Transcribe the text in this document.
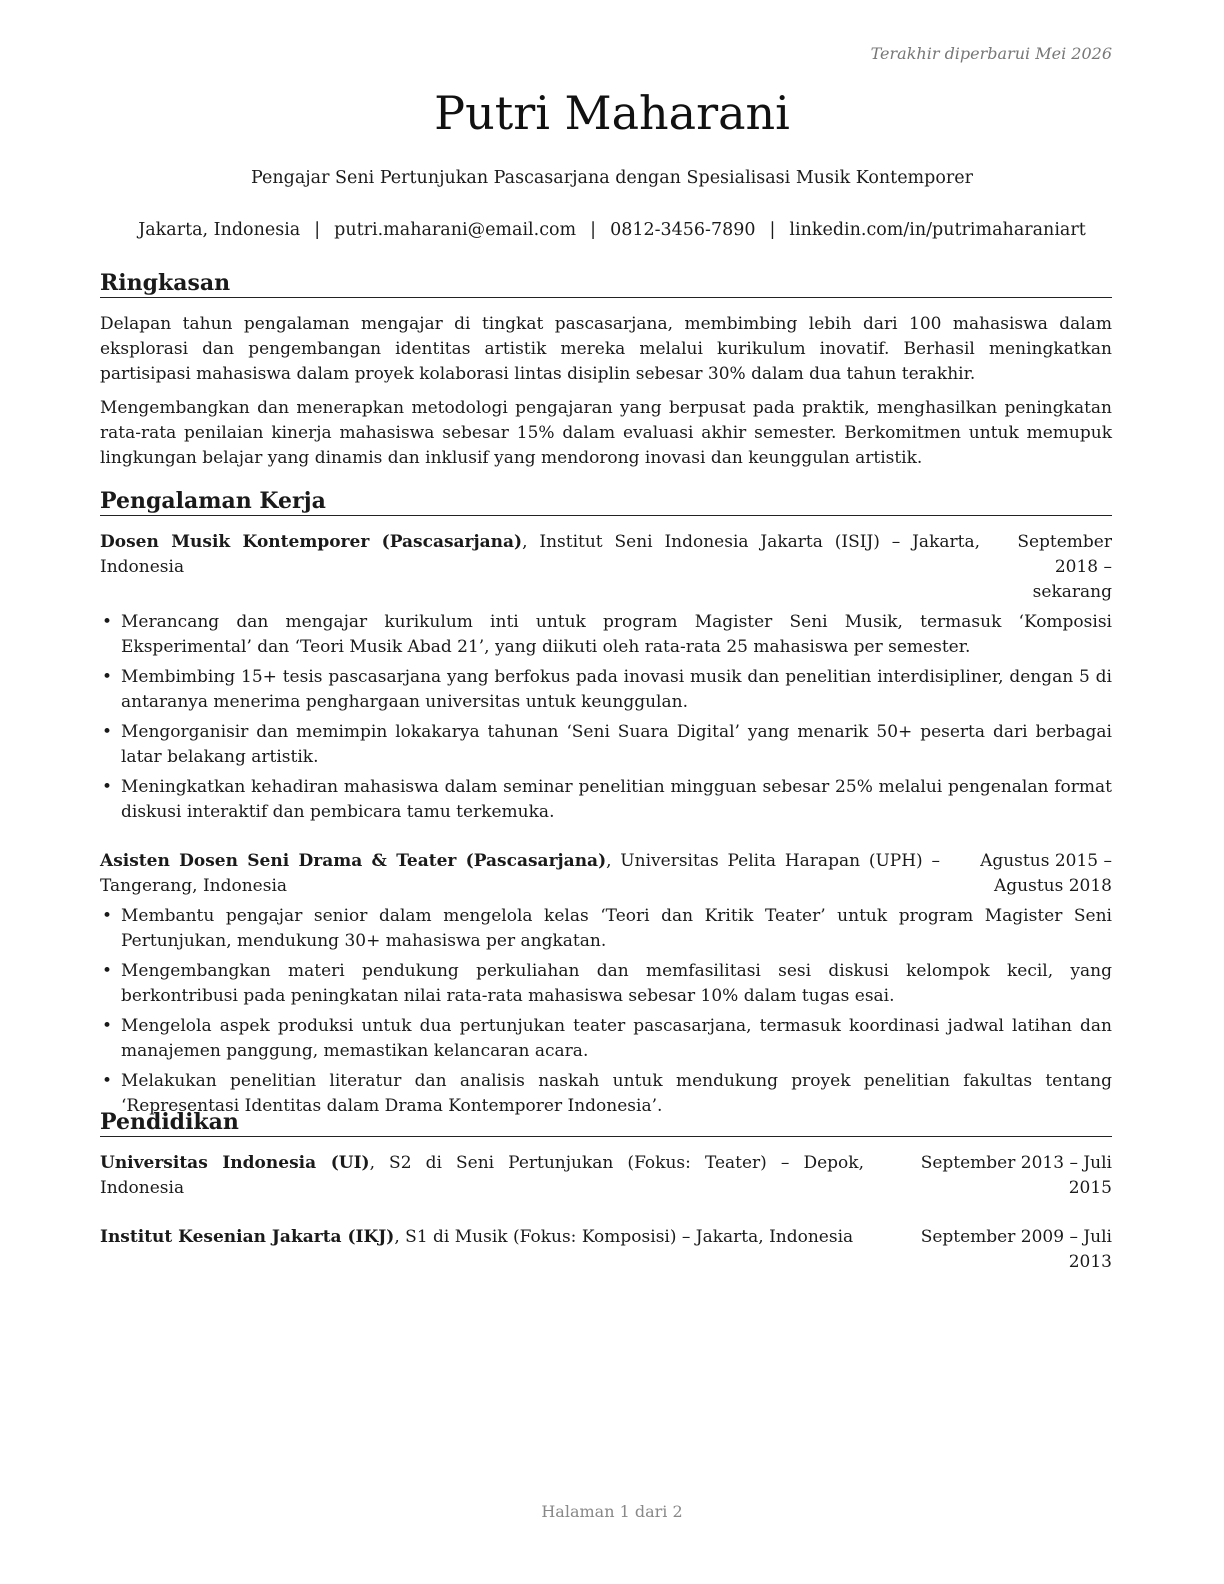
Terakhir diperbarui Mei 2026
Putri Maharani
Pengajar Seni Pertunjukan Pascasarjana dengan Spesialisasi Musik Kontemporer
Jakarta, Indonesia | putri.maharani@email.com | 0812-3456-7890 | linkedin.com/in/putrimaharaniart
Ringkasan

Delapan tahun pengalaman mengajar di tingkat pascasarjana, membimbing lebih dari 100 mahasiswa dalam eksplorasi dan pengembangan identitas artistik mereka melalui kurikulum inovatif. Berhasil meningkatkan partisipasi mahasiswa dalam proyek kolaborasi lintas disiplin sebesar 30% dalam dua tahun terakhir.

Mengembangkan dan menerapkan metodologi pengajaran yang berpusat pada praktik, menghasilkan peningkatan rata-rata penilaian kinerja mahasiswa sebesar 15% dalam evaluasi akhir semester. Berkomitmen untuk memupuk lingkungan belajar yang dinamis dan inklusif yang mendorong inovasi dan keunggulan artistik.

Pengalaman Kerja
Dosen Musik Kontemporer (Pascasarjana), Institut Seni Indonesia Jakarta (ISIJ) – Jakarta, Indonesia
September 2018 – sekarang
• Merancang dan mengajar kurikulum inti untuk program Magister Seni Musik, termasuk ‘Komposisi Eksperimental’ dan ‘Teori Musik Abad 21’, yang diikuti oleh rata-rata 25 mahasiswa per semester.
• Membimbing 15+ tesis pascasarjana yang berfokus pada inovasi musik dan penelitian interdisipliner, dengan 5 di antaranya menerima penghargaan universitas untuk keunggulan.
• Mengorganisir dan memimpin lokakarya tahunan ‘Seni Suara Digital’ yang menarik 50+ peserta dari berbagai latar belakang artistik.
• Meningkatkan kehadiran mahasiswa dalam seminar penelitian mingguan sebesar 25% melalui pengenalan format diskusi interaktif dan pembicara tamu terkemuka.
Asisten Dosen Seni Drama & Teater (Pascasarjana), Universitas Pelita Harapan (UPH) – Tangerang, Indonesia
Agustus 2015 – Agustus 2018
• Membantu pengajar senior dalam mengelola kelas ‘Teori dan Kritik Teater’ untuk program Magister Seni Pertunjukan, mendukung 30+ mahasiswa per angkatan.
• Mengembangkan materi pendukung perkuliahan dan memfasilitasi sesi diskusi kelompok kecil, yang berkontribusi pada peningkatan nilai rata-rata mahasiswa sebesar 10% dalam tugas esai.
• Mengelola aspek produksi untuk dua pertunjukan teater pascasarjana, termasuk koordinasi jadwal latihan dan manajemen panggung, memastikan kelancaran acara.
• Melakukan penelitian literatur dan analisis naskah untuk mendukung proyek penelitian fakultas tentang ‘Representasi Identitas dalam Drama Kontemporer Indonesia’.
Pendidikan
Universitas Indonesia (UI), S2 di Seni Pertunjukan (Fokus: Teater) – Depok, Indonesia
September 2013 – Juli 2015
Institut Kesenian Jakarta (IKJ), S1 di Musik (Fokus: Komposisi) – Jakarta, Indonesia	September 2009 – Juli 2013
Halaman 1 dari 2
